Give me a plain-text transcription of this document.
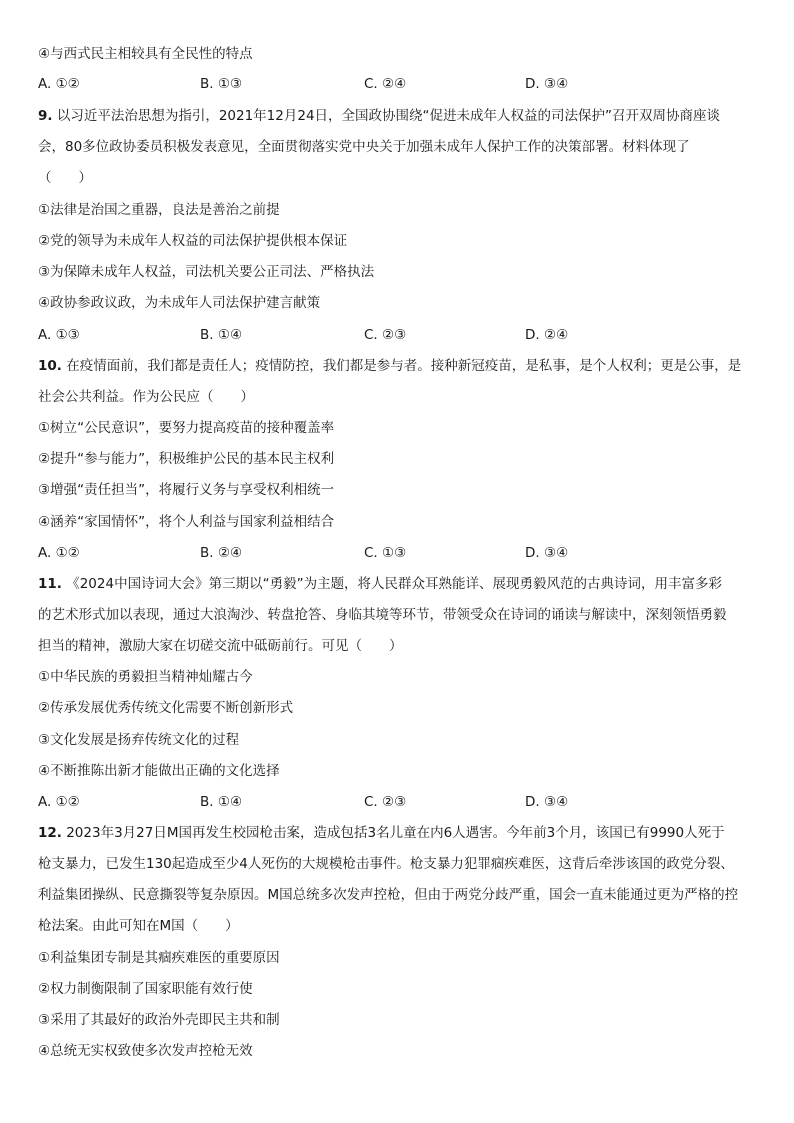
④与西式民主相较具有全民性的特点
A. ①②	B. ①③	C. ②④	D. ③④
9. 以习近平法治思想为指引，2021年12月24日，全国政协围绕“促进未成年人权益的司法保护”召开双周协商座谈
会，80多位政协委员积极发表意见，全面贯彻落实党中央关于加强未成年人保护工作的决策部署。材料体现了
（　　）
①法律是治国之重器，良法是善治之前提
②党的领导为未成年人权益的司法保护提供根本保证
③为保障未成年人权益，司法机关要公正司法、严格执法
④政协参政议政，为未成年人司法保护建言献策
A. ①③	B. ①④	C. ②③	D. ②④
10. 在疫情面前，我们都是责任人；疫情防控，我们都是参与者。接种新冠疫苗，是私事，是个人权利；更是公事，是
社会公共利益。作为公民应（　　）
①树立“公民意识”，要努力提高疫苗的接种覆盖率
②提升“参与能力”，积极维护公民的基本民主权利
③增强“责任担当”，将履行义务与享受权利相统一
④涵养“家国情怀”，将个人利益与国家利益相结合
A. ①②	B. ②④	C. ①③	D. ③④
11. 《2024中国诗词大会》第三期以“勇毅”为主题，将人民群众耳熟能详、展现勇毅风范的古典诗词，用丰富多彩
的艺术形式加以表现，通过大浪淘沙、转盘抢答、身临其境等环节，带领受众在诗词的诵读与解读中，深刻领悟勇毅
担当的精神，激励大家在切磋交流中砥砺前行。可见（　　）
①中华民族的勇毅担当精神灿耀古今
②传承发展优秀传统文化需要不断创新形式
③文化发展是扬弃传统文化的过程
④不断推陈出新才能做出正确的文化选择
A. ①②	B. ①④	C. ②③	D. ③④
12. 2023年3月27日M国再发生校园枪击案，造成包括3名儿童在内6人遇害。今年前3个月，该国已有9990人死于
枪支暴力，已发生130起造成至少4人死伤的大规模枪击事件。枪支暴力犯罪痼疾难医，这背后牵涉该国的政党分裂、
利益集团操纵、民意撕裂等复杂原因。M国总统多次发声控枪，但由于两党分歧严重，国会一直未能通过更为严格的控
枪法案。由此可知在M国（　　）
①利益集团专制是其痼疾难医的重要原因
②权力制衡限制了国家职能有效行使
③采用了其最好的政治外壳即民主共和制
④总统无实权致使多次发声控枪无效
